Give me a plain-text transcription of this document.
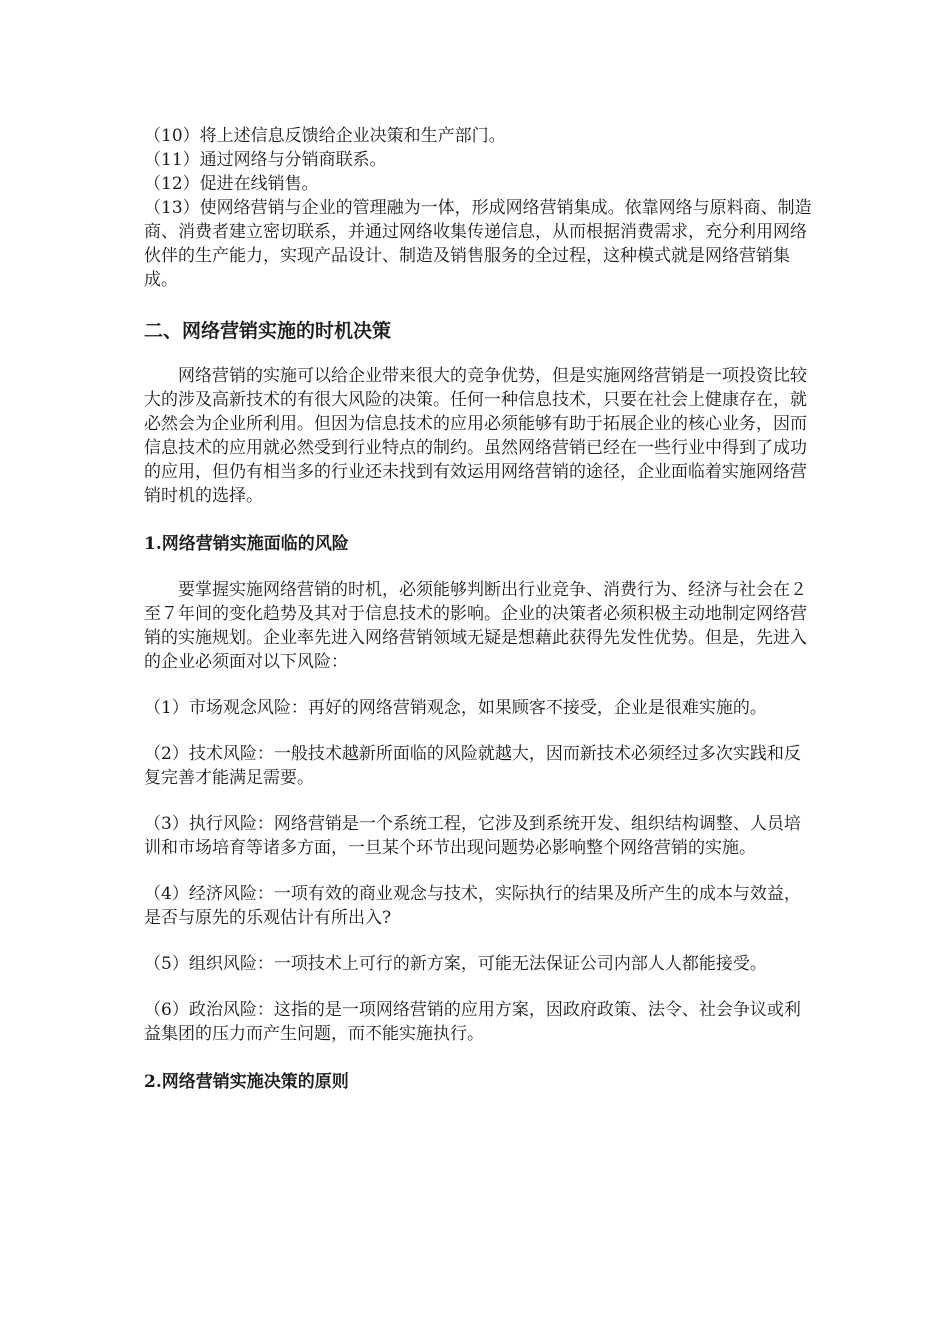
（10）将上述信息反馈给企业决策和生产部门。

（11）通过网络与分销商联系。

（12）促进在线销售。

（13）使网络营销与企业的管理融为一体，形成网络营销集成。依靠网络与原料商、制造商、消费者建立密切联系，并通过网络收集传递信息，从而根据消费需求，充分利用网络伙伴的生产能力，实现产品设计、制造及销售服务的全过程，这种模式就是网络营销集成。

二、网络营销实施的时机决策

网络营销的实施可以给企业带来很大的竞争优势，但是实施网络营销是一项投资比较大的涉及高新技术的有很大风险的决策。任何一种信息技术，只要在社会上健康存在，就必然会为企业所利用。但因为信息技术的应用必须能够有助于拓展企业的核心业务，因而信息技术的应用就必然受到行业特点的制约。虽然网络营销已经在一些行业中得到了成功的应用，但仍有相当多的行业还未找到有效运用网络营销的途径，企业面临着实施网络营销时机的选择。

1.网络营销实施面临的风险

要掌握实施网络营销的时机，必须能够判断出行业竞争、消费行为、经济与社会在２至７年间的变化趋势及其对于信息技术的影响。企业的决策者必须积极主动地制定网络营销的实施规划。企业率先进入网络营销领域无疑是想藉此获得先发性优势。但是，先进入的企业必须面对以下风险：

（1）市场观念风险：再好的网络营销观念，如果顾客不接受，企业是很难实施的。

（2）技术风险：一般技术越新所面临的风险就越大，因而新技术必须经过多次实践和反复完善才能满足需要。

（3）执行风险：网络营销是一个系统工程，它涉及到系统开发、组织结构调整、人员培训和市场培育等诸多方面，一旦某个环节出现问题势必影响整个网络营销的实施。

（4）经济风险：一项有效的商业观念与技术，实际执行的结果及所产生的成本与效益，是否与原先的乐观估计有所出入?

（5）组织风险：一项技术上可行的新方案，可能无法保证公司内部人人都能接受。

（6）政治风险：这指的是一项网络营销的应用方案，因政府政策、法令、社会争议或利益集团的压力而产生问题，而不能实施执行。

2.网络营销实施决策的原则
